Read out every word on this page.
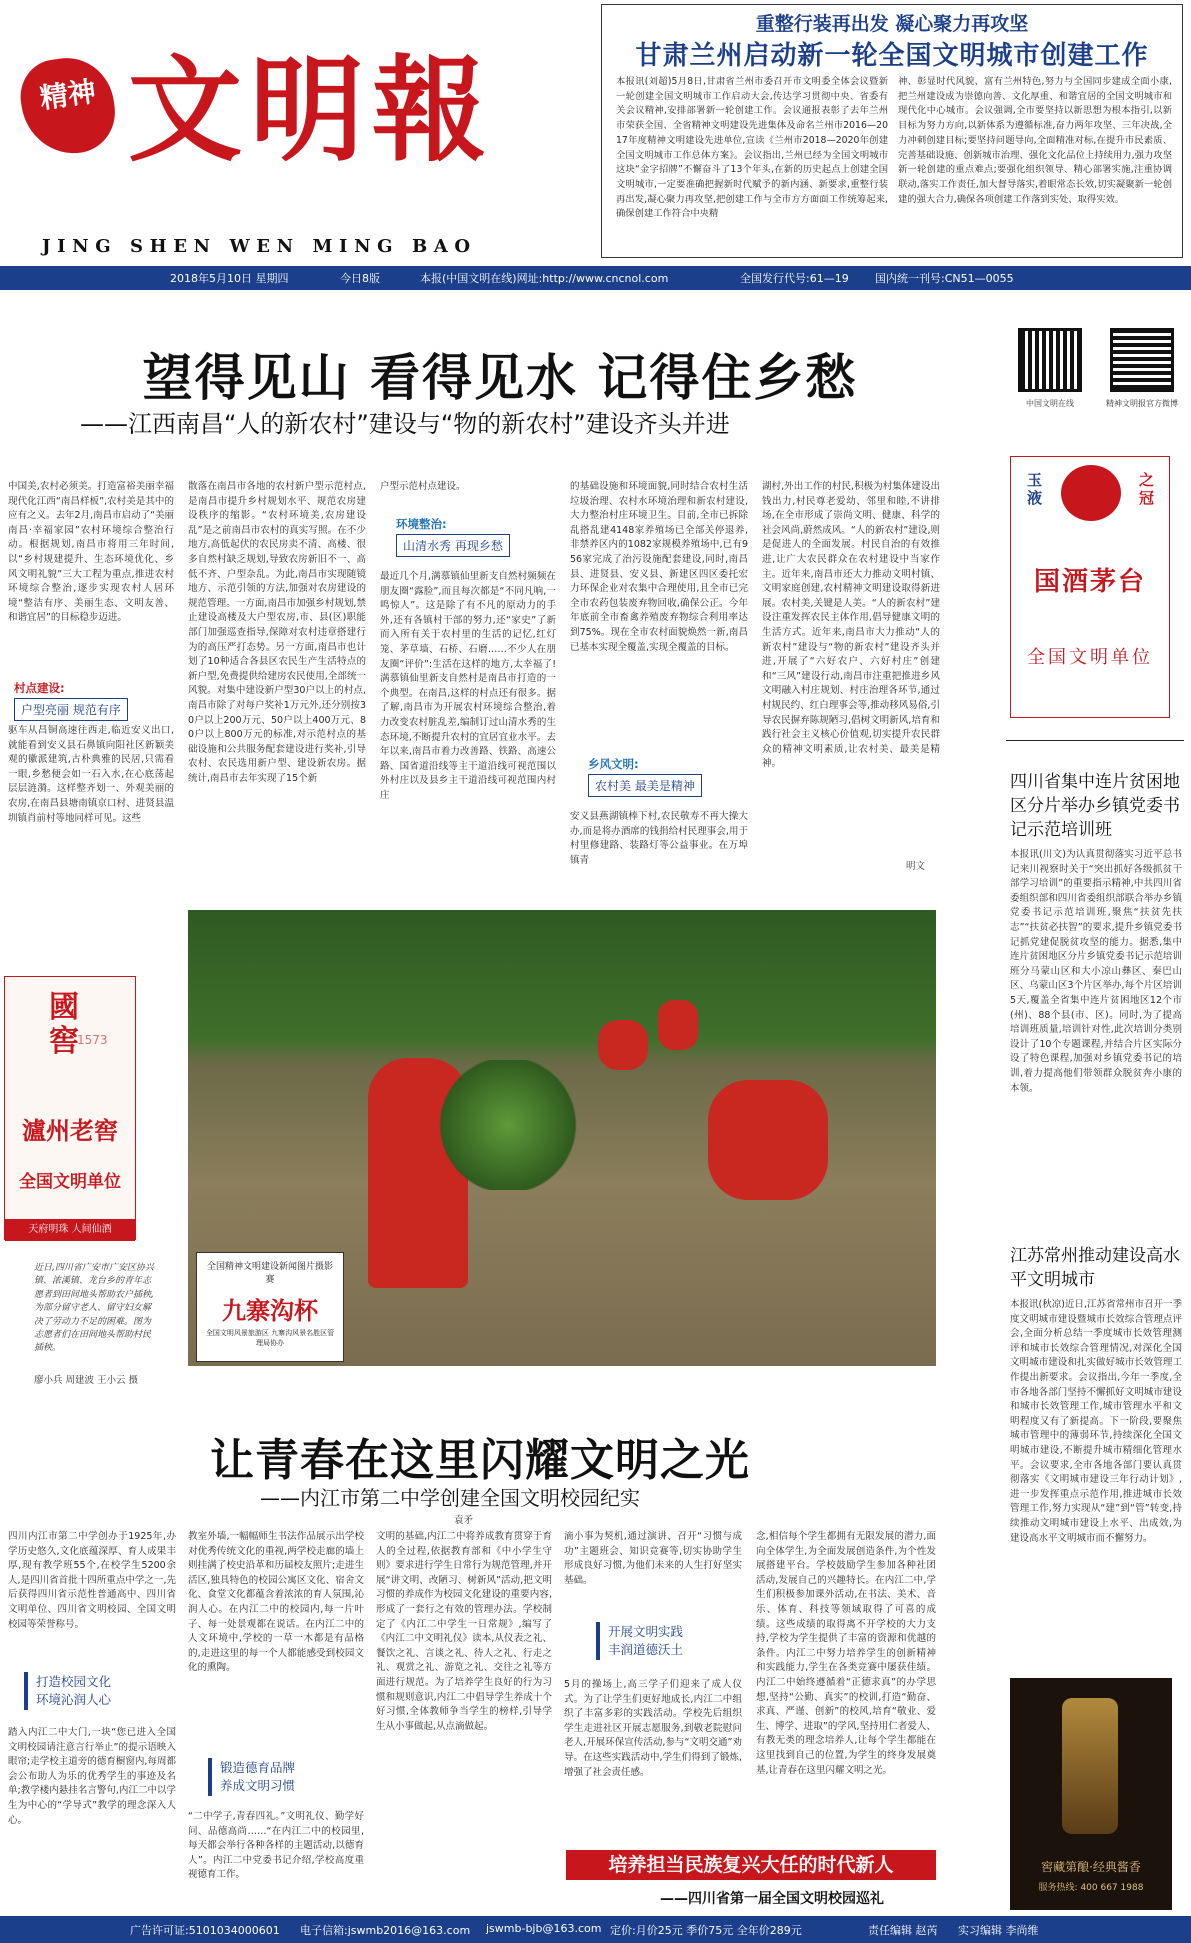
精神 文明報
JING SHEN WEN MING BAO
重整行装再出发 凝心聚力再攻坚
甘肃兰州启动新一轮全国文明城市创建工作
本报讯(刘超)5月8日,甘肃省兰州市委召开市文明委全体会议暨新一轮创建全国文明城市工作启动大会,传达学习贯彻中央、省委有关会议精神,安排部署新一轮创建工作。会议通报表彰了去年兰州市荣获全国、全省精神文明建设先进集体及命名兰州市2016—2017年度精神文明建设先进单位,宣读《兰州市2018—2020年创建全国文明城市工作总体方案》。会议指出,兰州已经为全国文明城市这块“金字招牌”不懈奋斗了13个年头,在新的历史起点上创建全国文明城市,一定要准确把握新时代赋予的新内涵、新要求,重整行装再出发,凝心聚力再攻坚,把创建工作与全市方方面面工作统筹起来,确保创建工作符合中央精
神、彰显时代风貌、富有兰州特色,努力与全国同步建成全面小康,把兰州建设成为崇德向善、文化厚重、和谐宜居的全国文明城市和现代化中心城市。会议强调,全市要坚持以新思想为根本指引,以新目标为努力方向,以新体系为遵循标准,奋力两年攻坚、三年决战,全力冲刺创建目标;要坚持问题导向,全面精准对标,在提升市民素质、完善基础设施、创新城市治理、强化文化品位上持续用力,强力攻坚新一轮创建的重点难点;要强化组织领导、精心部署实施,注重协调联动,落实工作责任,加大督导落实,着眼常态长效,切实凝聚新一轮创建的强大合力,确保各项创建工作落到实处、取得实效。
2018年5月10日 星期四	今日8版	本报(中国文明在线)网址:http://www.cncnol.com	全国发行代号:61—19 国内统一刊号:CN51—0055
望得见山 看得见水 记得住乡愁
——江西南昌“人的新农村”建设与“物的新农村”建设齐头并进
中国文明在线	精神文明报官方微博
中国美,农村必须美。打造富裕美丽幸福现代化江西“南昌样板”,农村美是其中的应有之义。去年2月,南昌市启动了“美丽南昌·幸福家园”农村环境综合整治行动。根据规划,南昌市将用三年时间,以“乡村规建提升、生态环境优化、乡风文明礼貌”三大工程为重点,推进农村环境综合整治,逐步实现农村人居环境“整洁有序、美丽生态、文明友善、和谐宜居”的目标稳步迈进。
村点建设:
户型亮丽 规范有序
驱车从昌铜高速往西走,临近安义出口,就能看到安义县石鼻镇向阳社区新颖美观的徽派建筑,古朴典雅的民居,只需看一眼,乡愁便会如一石入水,在心底荡起层层涟漪。这样整齐划一、外观美丽的农房,在南昌县塘南镇京口村、进贤县温圳镇肖前村等地同样可见。这些
散落在南昌市各地的农村新户型示范村点,是南昌市提升乡村规划水平、规范农房建设秩序的缩影。“农村环境美,农房建设乱”是之前南昌市农村的真实写照。在不少地方,高低起伏的农民房卖不清、高楼、很多自然村缺乏规划,导致农房新旧不一、高低不齐、户型杂乱。为此,南昌市实现随镜地方、示范引领的方法,加强对农房建设的规范管理。一方面,南昌市加强乡村规划,禁止建设高楼及大户型农房,市、县(区)职能部门加强巡查指导,保障对农村违章搭建行为的高压严打态势。另一方面,南昌市也计划了10种适合各县区农民生产生活特点的新户型,免费提供给建房农民使用,全部统一风貌。对集中建设新户型30户以上的村点,南昌市除了对每户奖补1万元外,还分别按30户以上200万元、50户以上400万元、80户以上800万元的标准,对示范村点的基础设施和公共服务配套建设进行奖补,引导农村、农民选用新户型、建设新农房。据统计,南昌市去年实现了15个新
户型示范村点建设。
环境整治:
山清水秀 再现乡愁
最近几个月,满慕镇仙里新支自然村频频在朋友圈“露脸”,而且每次都是“不同凡响,一鸣惊人”。这是除了有不凡的原动力的手外,还有各镇村干部的努力,还“家史”了新而入所有关于农村里的生活的记忆,红灯笼、茅草墙、石桥、石磨……不少人在朋友圈“评价”:生活在这样的地方,太幸福了!满慕镇仙里新支自然村是南昌市打造的一个典型。在南昌,这样的村点还有很多。据了解,南昌市为开展农村环境综合整治,着力改变农村脏乱差,编制订过山清水秀的生态环境,不断提升农村的宜居宜业水平。去年以来,南昌市着力改善路、铁路、高速公路、国省道沿线等主干道沿线可视范围以外村庄以及县乡主干道沿线可视范围内村庄
的基础设施和环境面貌,同时结合农村生活垃圾治理、农村水环境治理和新农村建设,大力整治村庄环境卫生。目前,全市已拆除乱搭乱建4148家养殖场已全部关停退养,非禁养区内的1082家规模养殖场中,已有956家完成了治污设施配套建设,同时,南昌县、进贤县、安义县、新建区四区委托宏力环保企业对农集中合理使用,且全市已完全市农药包装废弃物回收,确保公正。今年年底前全市畜禽养殖废弃物综合利用率达到75%。现在全市农村面貌焕然一新,南昌已基本实现全覆盖,实现全覆盖的目标。
乡风文明:
农村美 最美是精神
安义县燕湖镇棒下村,农民敬寿不再大操大办,而是将办酒席的钱捐给村民理事会,用于村里修建路、装路灯等公益事业。在万埠镇青
湖村,外出工作的村民,积极为村集体建设出钱出力,村民尊老爱幼、邻里和睦,不讲排场,在全市形成了崇尚文明、健康、科学的社会风尚,蔚然成风。“人的新农村”建设,则是促进人的全面发展。村民自治的有效推进,让广大农民群众在农村建设中当家作主。近年来,南昌市还大力推动文明村镇、文明家庭创建,农村精神文明建设取得新进展。农村美,关键是人美。“人的新农村”建设注重发挥农民主体作用,倡导健康文明的生活方式。近年来,南昌市大力推动“人的新农村”建设与“物的新农村”建设齐头并进,开展了“六好农户、六好村庄”创建和“三风”建设行动,南昌市注重把推进乡风文明融入村庄规划、村庄治理各环节,通过村规民约、红白理事会等,推动移风易俗,引导农民摒弃陈规陋习,倡树文明新风,培育和践行社会主义核心价值观,切实提升农民群众的精神文明素质,让农村美、最美是精神。
明文
玉液
之冠
国酒茅台
全国文明单位
四川省集中连片贫困地区分片举办乡镇党委书记示范培训班
本报讯(川文)为认真贯彻落实习近平总书记来川视察时关于“突出抓好各级抓贫干部学习培训”的重要指示精神,中共四川省委组织部和四川省委组织部联合举办乡镇党委书记示范培训班,聚焦“扶贫先扶志”“扶贫必扶智”的要求,提升乡镇党委书记抓党建促脱贫攻坚的能力。据悉,集中连片贫困地区分片乡镇党委书记示范培训班分马蒙山区和大小凉山彝区、秦巴山区、乌蒙山区3个片区举办,每个片区培训5天,覆盖全省集中连片贫困地区12个市(州)、88个县(市、区)。同时,为了提高培训班质量,培训针对性,此次培训分类别设计了10个专题课程,并结合片区实际分设了特色课程,加强对乡镇党委书记的培训,着力提高他们带领群众脱贫奔小康的本领。
江苏常州推动建设高水平文明城市
本报讯(秋凉)近日,江苏省常州市召开一季度文明城市建设暨城市长效综合管理点评会,全面分析总结一季度城市长效管理测评和城市长效综合管理情况,对深化全国文明城市建设和扎实做好城市长效管理工作提出新要求。会议指出,今年一季度,全市各地各部门坚持不懈抓好文明城市建设和城市长效管理工作,城市管理水平和文明程度又有了新提高。下一阶段,要聚焦城市管理中的薄弱环节,持续深化全国文明城市建设,不断提升城市精细化管理水平。会议要求,全市各地各部门要认真贯彻落实《文明城市建设三年行动计划》,进一步发挥重点示范作用,推进城市长效管理工作,努力实现从“建”到“管”转变,持续推动文明城市建设上水平、出成效,为建设高水平文明城市而不懈努力。
窖藏第酿·经典酱香
服务热线: 400 667 1988
國窖
1573
瀘州老窖
全国文明单位
天府明珠 人间仙酒
全国精神文明建设新闻图片摄影赛
九寨沟杯
全国文明风景旅游区 九寨沟风景名胜区管理局协办
近日,四川省广安市广安区协兴镇、浓溪镇、龙台乡的青年志愿者到田间地头帮助农户插秧,为部分留守老人、留守妇女解决了劳动力不足的困难。图为志愿者们在田间地头帮助村民插秧。
廖小兵 周建波 王小云 摄
让青春在这里闪耀文明之光
——内江市第二中学创建全国文明校园纪实
袁矛
四川内江市第二中学创办于1925年,办学历史悠久,文化底蕴深厚、育人成果丰厚,现有教学班55个,在校学生5200余人,是四川省首批十四所重点中学之一,先后获得四川省示范性普通高中、四川省文明单位、四川省文明校园、全国文明校园等荣誉称号。
打造校园文化
环境沁润人心
踏入内江二中大门,一块“您已进入全国文明校园请注意言行举止”的提示语映入眼帘;走学校主道旁的德育橱窗内,每周都会公布助人为乐的优秀学生的事迹及名单;教学楼内悬挂名言警句,内江二中以学生为中心的“学导式”教学的理念深入人心。
教室外墙,一幅幅师生书法作品展示出学校对优秀传统文化的重视,两学校走廊的墙上则挂满了校史沿革和历届校友照片;走进生活区,独具特色的校园公寓区文化、宿舍文化、食堂文化都蕴含着浓浓的育人氛围,沁润人心。在内江二中的校园内,每一片叶子、每一处景观都在说话。在内江二中的人文环境中,学校的一草一木都是有品格的,走进这里的每一个人都能感受到校园文化的熏陶。
锻造德育品牌
养成文明习惯
“二中学子,青春四礼。”文明礼仪、勤学好问、品德高尚……“在内江二中的校园里,每天都会举行各种各样的主题活动,以德育人”。内江二中党委书记介绍,学校高度重视德育工作。
文明的基础,内江二中将养成教育贯穿于育人的全过程,依据教育部和《中小学生守则》要求进行学生日常行为规范管理,并开展“讲文明、改陋习、树新风”活动,把文明习惯的养成作为校园文化建设的重要内容,形成了一套行之有效的管理办法。学校制定了《内江二中学生一日常规》,编写了《内江二中文明礼仪》读本,从仪表之礼、餐饮之礼、言谈之礼、待人之礼、行走之礼、观赏之礼、游览之礼、交往之礼等方面进行规范。为了培养学生良好的行为习惯和规则意识,内江二中倡导学生养成十个好习惯,全体教师争当学生的榜样,引导学生从小事做起,从点滴做起。
滴小事为契机,通过演讲、召开“习惯与成功”主题班会、知识竞赛等,切实协助学生形成良好习惯,为他们未来的人生打好坚实基础。
开展文明实践
丰润道德沃土
5月的操场上,高三学子们迎来了成人仪式。为了让学生们更好地成长,内江二中组织了丰富多彩的实践活动。学校先后组织学生走进社区开展志愿服务,到敬老院慰问老人,开展环保宣传活动,参与“文明交通”劝导。在这些实践活动中,学生们得到了锻炼,增强了社会责任感。
念,相信每个学生都拥有无限发展的潜力,面向全体学生,为全面发展创造条件,为个性发展搭建平台。学校鼓励学生参加各种社团活动,发展自己的兴趣特长。在内江二中,学生们积极参加课外活动,在书法、美术、音乐、体育、科技等领域取得了可喜的成绩。这些成绩的取得离不开学校的大力支持,学校为学生提供了丰富的资源和优越的条件。内江二中努力培养学生的创新精神和实践能力,学生在各类竞赛中屡获佳绩。内江二中始终遵循着“正德求真”的办学思想,坚持“公勤、真实”的校训,打造“勤奋、求真、严谨、创新”的校风,培育“敬业、爱生、博学、进取”的学风,坚持用仁者爱人、有教无类的理念培养人,让每个学生都能在这里找到自己的位置,为学生的终身发展奠基,让青春在这里闪耀文明之光。
培养担当民族复兴大任的时代新人
——四川省第一届全国文明校园巡礼
广告许可证:5101034000601 电子信箱:jswmb2016@163.com jswmb-bjb@163.com 定价:月价25元 季价75元 全年价289元	责任编辑 赵芮 实习编辑 李尚维
